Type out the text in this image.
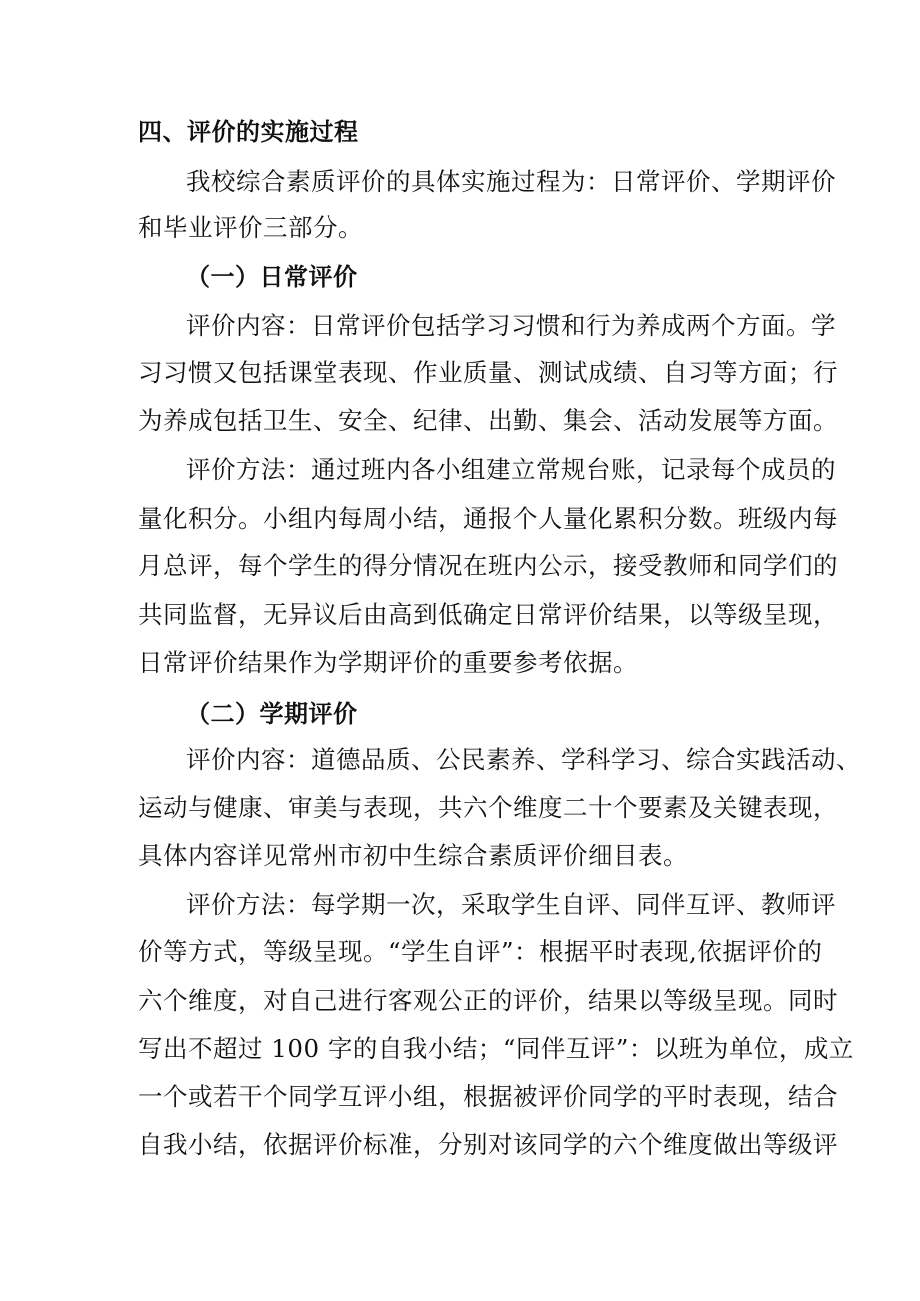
四、评价的实施过程
我校综合素质评价的具体实施过程为：日常评价、学期评价
和毕业评价三部分。
（一）日常评价
评价内容：日常评价包括学习习惯和行为养成两个方面。学
习习惯又包括课堂表现、作业质量、测试成绩、自习等方面；行
为养成包括卫生、安全、纪律、出勤、集会、活动发展等方面。
评价方法：通过班内各小组建立常规台账，记录每个成员的
量化积分。小组内每周小结，通报个人量化累积分数。班级内每
月总评，每个学生的得分情况在班内公示，接受教师和同学们的
共同监督，无异议后由高到低确定日常评价结果，以等级呈现，
日常评价结果作为学期评价的重要参考依据。
（二）学期评价
评价内容：道德品质、公民素养、学科学习、综合实践活动、
运动与健康、审美与表现，共六个维度二十个要素及关键表现，
具体内容详见常州市初中生综合素质评价细目表。
评价方法：每学期一次，采取学生自评、同伴互评、教师评
价等方式，等级呈现。“学生自评”：根据平时表现,依据评价的
六个维度，对自己进行客观公正的评价，结果以等级呈现。同时
写出不超过 100 字的自我小结；“同伴互评”：以班为单位，成立
一个或若干个同学互评小组，根据被评价同学的平时表现，结合
自我小结，依据评价标准，分别对该同学的六个维度做出等级评
